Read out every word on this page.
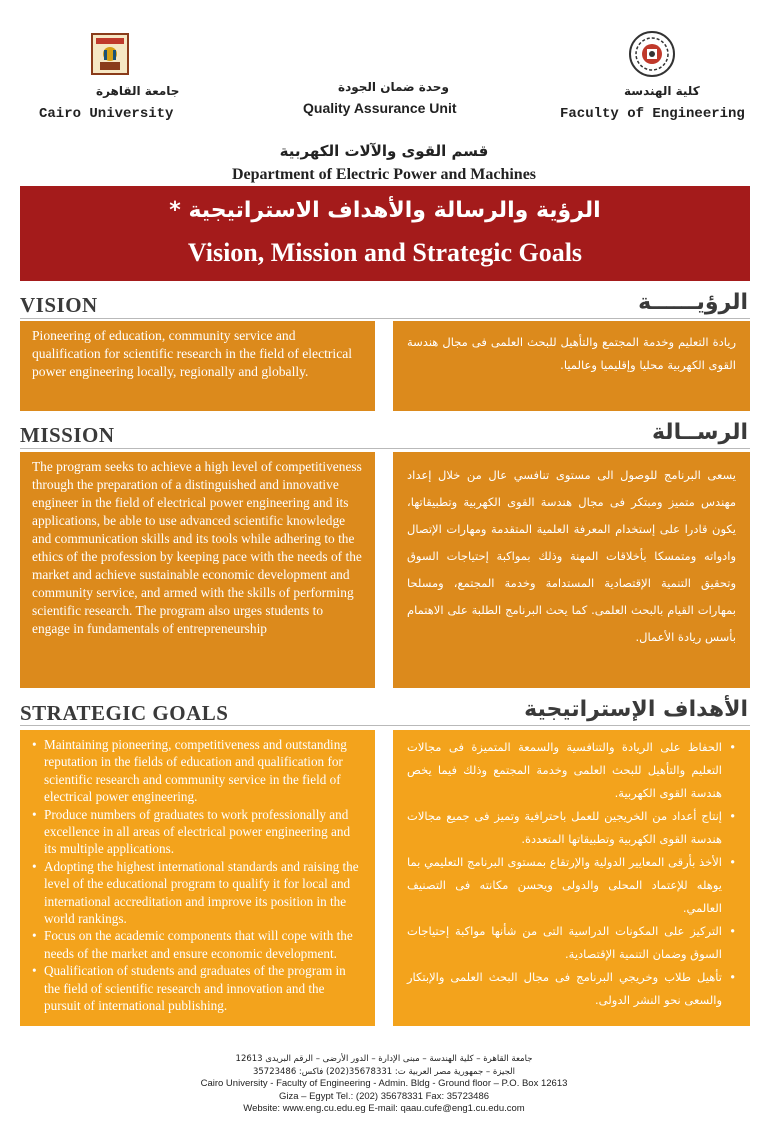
جامعة القاهرة
Cairo University
وحدة ضمان الجودة
Quality Assurance Unit
كلية الهندسة
Faculty of Engineering
قسم القوى والآلات الكهربية
Department of Electric Power and Machines
الرؤية والرسالة والأهداف الاستراتيجية *
Vision, Mission and Strategic Goals
VISION	الرؤيــــــة
Pioneering of education, community service and qualification for scientific research in the field of electrical power engineering locally, regionally and globally.
ريادة التعليم وخدمة المجتمع والتأهيل للبحث العلمى فى مجال هندسة القوى الكهربية محليا وإقليميا وعالميا.
MISSION	الرســالة
The program seeks to achieve a high level of competitiveness through the preparation of a distinguished and innovative engineer in the field of electrical power engineering and its applications, be able to use advanced scientific knowledge and communication skills and its tools while adhering to the ethics of the profession by keeping pace with the needs of the market and achieve sustainable economic development and community service, and armed with the skills of performing scientific research. The program also urges students to engage in fundamentals of entrepreneurship
يسعى البرنامج للوصول الى مستوى تنافسي عال من خلال إعداد مهندس متميز ومبتكر فى مجال هندسة القوى الكهربية وتطبيقاتها، يكون قادرا على إستخدام المعرفة العلمية المتقدمة ومهارات الإتصال وادواته ومتمسكا بأخلاقات المهنة وذلك بمواكبة إحتياجات السوق وتحقيق التنمية الإقتصادية المستدامة وخدمة المجتمع، ومسلحا بمهارات القيام بالبحث العلمى. كما يحث البرنامج الطلبة على الاهتمام بأسس ريادة الأعمال.
STRATEGIC GOALS	الأهداف الإستراتيجية
• Maintaining pioneering, competitiveness and outstanding reputation in the fields of education and qualification for scientific research and community service in the field of electrical power engineering.
• Produce numbers of graduates to work professionally and excellence in all areas of electrical power engineering and its multiple applications.
• Adopting the highest international standards and raising the level of the educational program to qualify it for local and international accreditation and improve its position in the world rankings.
• Focus on the academic components that will cope with the needs of the market and ensure economic development.
• Qualification of students and graduates of the program in the field of scientific research and innovation and the pursuit of international publishing.
• الحفاظ على الريادة والتنافسية والسمعة المتميزة فى مجالات التعليم والتأهيل للبحث العلمى وخدمة المجتمع وذلك فيما يخص هندسة القوى الكهربية.
• إنتاج أعداد من الخريجين للعمل باحترافية وتميز فى جميع مجالات هندسة القوى الكهربية وتطبيقاتها المتعددة.
• الأخذ بأرقى المعايير الدولية والإرتقاع بمستوى البرنامج التعليمي بما يوهله للإعتماد المحلى والدولى ويحسن مكانته فى التصنيف العالمي.
• التركيز على المكونات الدراسية التى من شأنها مواكبة إحتياجات السوق وضمان التنمية الإقتصادية.
• تأهيل طلاب وخريجي البرنامج فى مجال البحث العلمى والإبتكار والسعى نحو النشر الدولى.
جامعة القاهرة – كلية الهندسة – مبنى الإدارة – الدور الأرضى – الرقم البريدى 12613
الجيزة – جمهورية مصر العربية ت: 35678331(202) فاكس: 35723486
Cairo University - Faculty of Engineering - Admin. Bldg - Ground floor – P.O. Box 12613
Giza – Egypt Tel.: (202) 35678331 Fax: 35723486
Website: www.eng.cu.edu.eg E-mail: qaau.cufe@eng1.cu.edu.com
